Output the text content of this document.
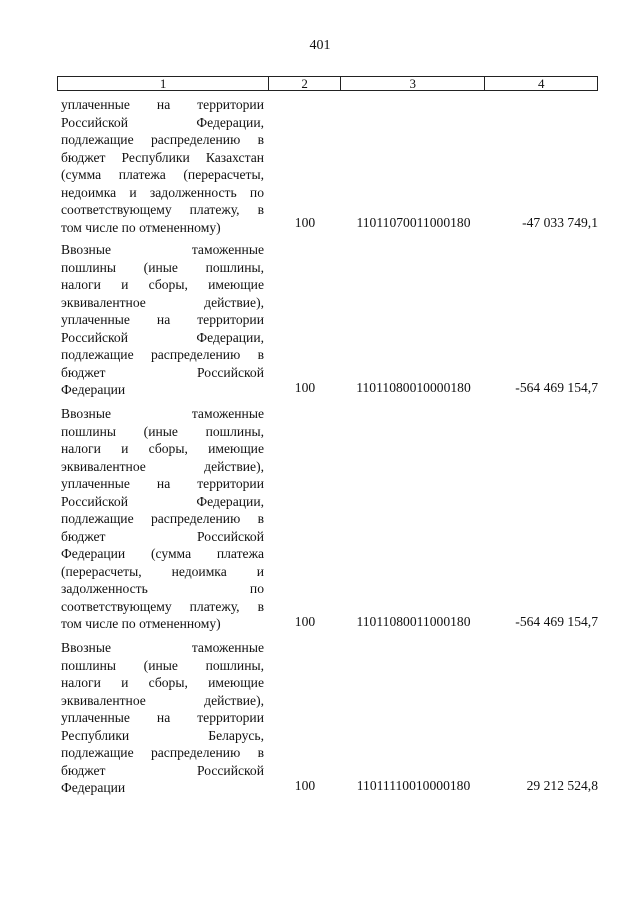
401
1	2	3	4
уплаченные на территории
Российской Федерации,
подлежащие распределению в
бюджет Республики Казахстан
(сумма платежа (перерасчеты,
недоимка и задолженность по
соответствующему платежу, в
том числе по отмененному)	100	11011070011000180	-47 033 749,1
Ввозные таможенные
пошлины (иные пошлины,
налоги и сборы, имеющие
эквивалентное действие),
уплаченные на территории
Российской Федерации,
подлежащие распределению в
бюджет Российской
Федерации	100	11011080010000180	-564 469 154,7
Ввозные таможенные
пошлины (иные пошлины,
налоги и сборы, имеющие
эквивалентное действие),
уплаченные на территории
Российской Федерации,
подлежащие распределению в
бюджет Российской
Федерации (сумма платежа
(перерасчеты, недоимка и
задолженность по
соответствующему платежу, в
том числе по отмененному)	100	11011080011000180	-564 469 154,7
Ввозные таможенные
пошлины (иные пошлины,
налоги и сборы, имеющие
эквивалентное действие),
уплаченные на территории
Республики Беларусь,
подлежащие распределению в
бюджет Российской
Федерации	100	11011110010000180	29 212 524,8
